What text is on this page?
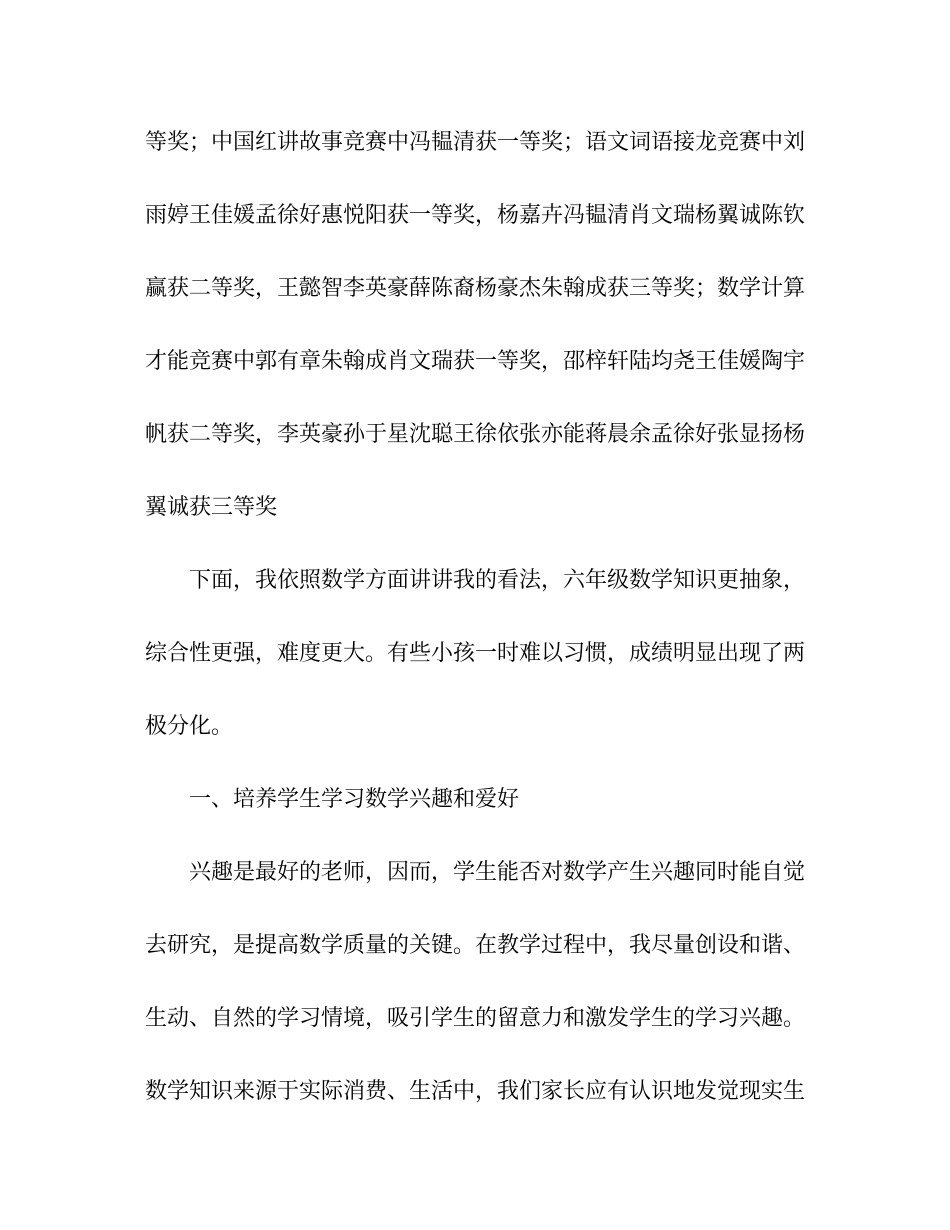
等奖；中国红讲故事竞赛中冯韫清获一等奖；语文词语接龙竞赛中刘
雨婷王佳媛孟徐好惠悦阳获一等奖，杨嘉卉冯韫清肖文瑞杨翼诚陈钦
赢获二等奖，王懿智李英豪薛陈裔杨豪杰朱翰成获三等奖；数学计算
才能竞赛中郭有章朱翰成肖文瑞获一等奖，邵梓轩陆均尧王佳媛陶宇
帆获二等奖，李英豪孙于星沈聪王徐依张亦能蒋晨余孟徐好张显扬杨
翼诚获三等奖
下面，我依照数学方面讲讲我的看法，六年级数学知识更抽象，
综合性更强，难度更大。有些小孩一时难以习惯，成绩明显出现了两
极分化。
一、培养学生学习数学兴趣和爱好
兴趣是最好的老师，因而，学生能否对数学产生兴趣同时能自觉
去研究，是提高数学质量的关键。在教学过程中，我尽量创设和谐、
生动、自然的学习情境，吸引学生的留意力和激发学生的学习兴趣。
数学知识来源于实际消费、生活中，我们家长应有认识地发觉现实生
